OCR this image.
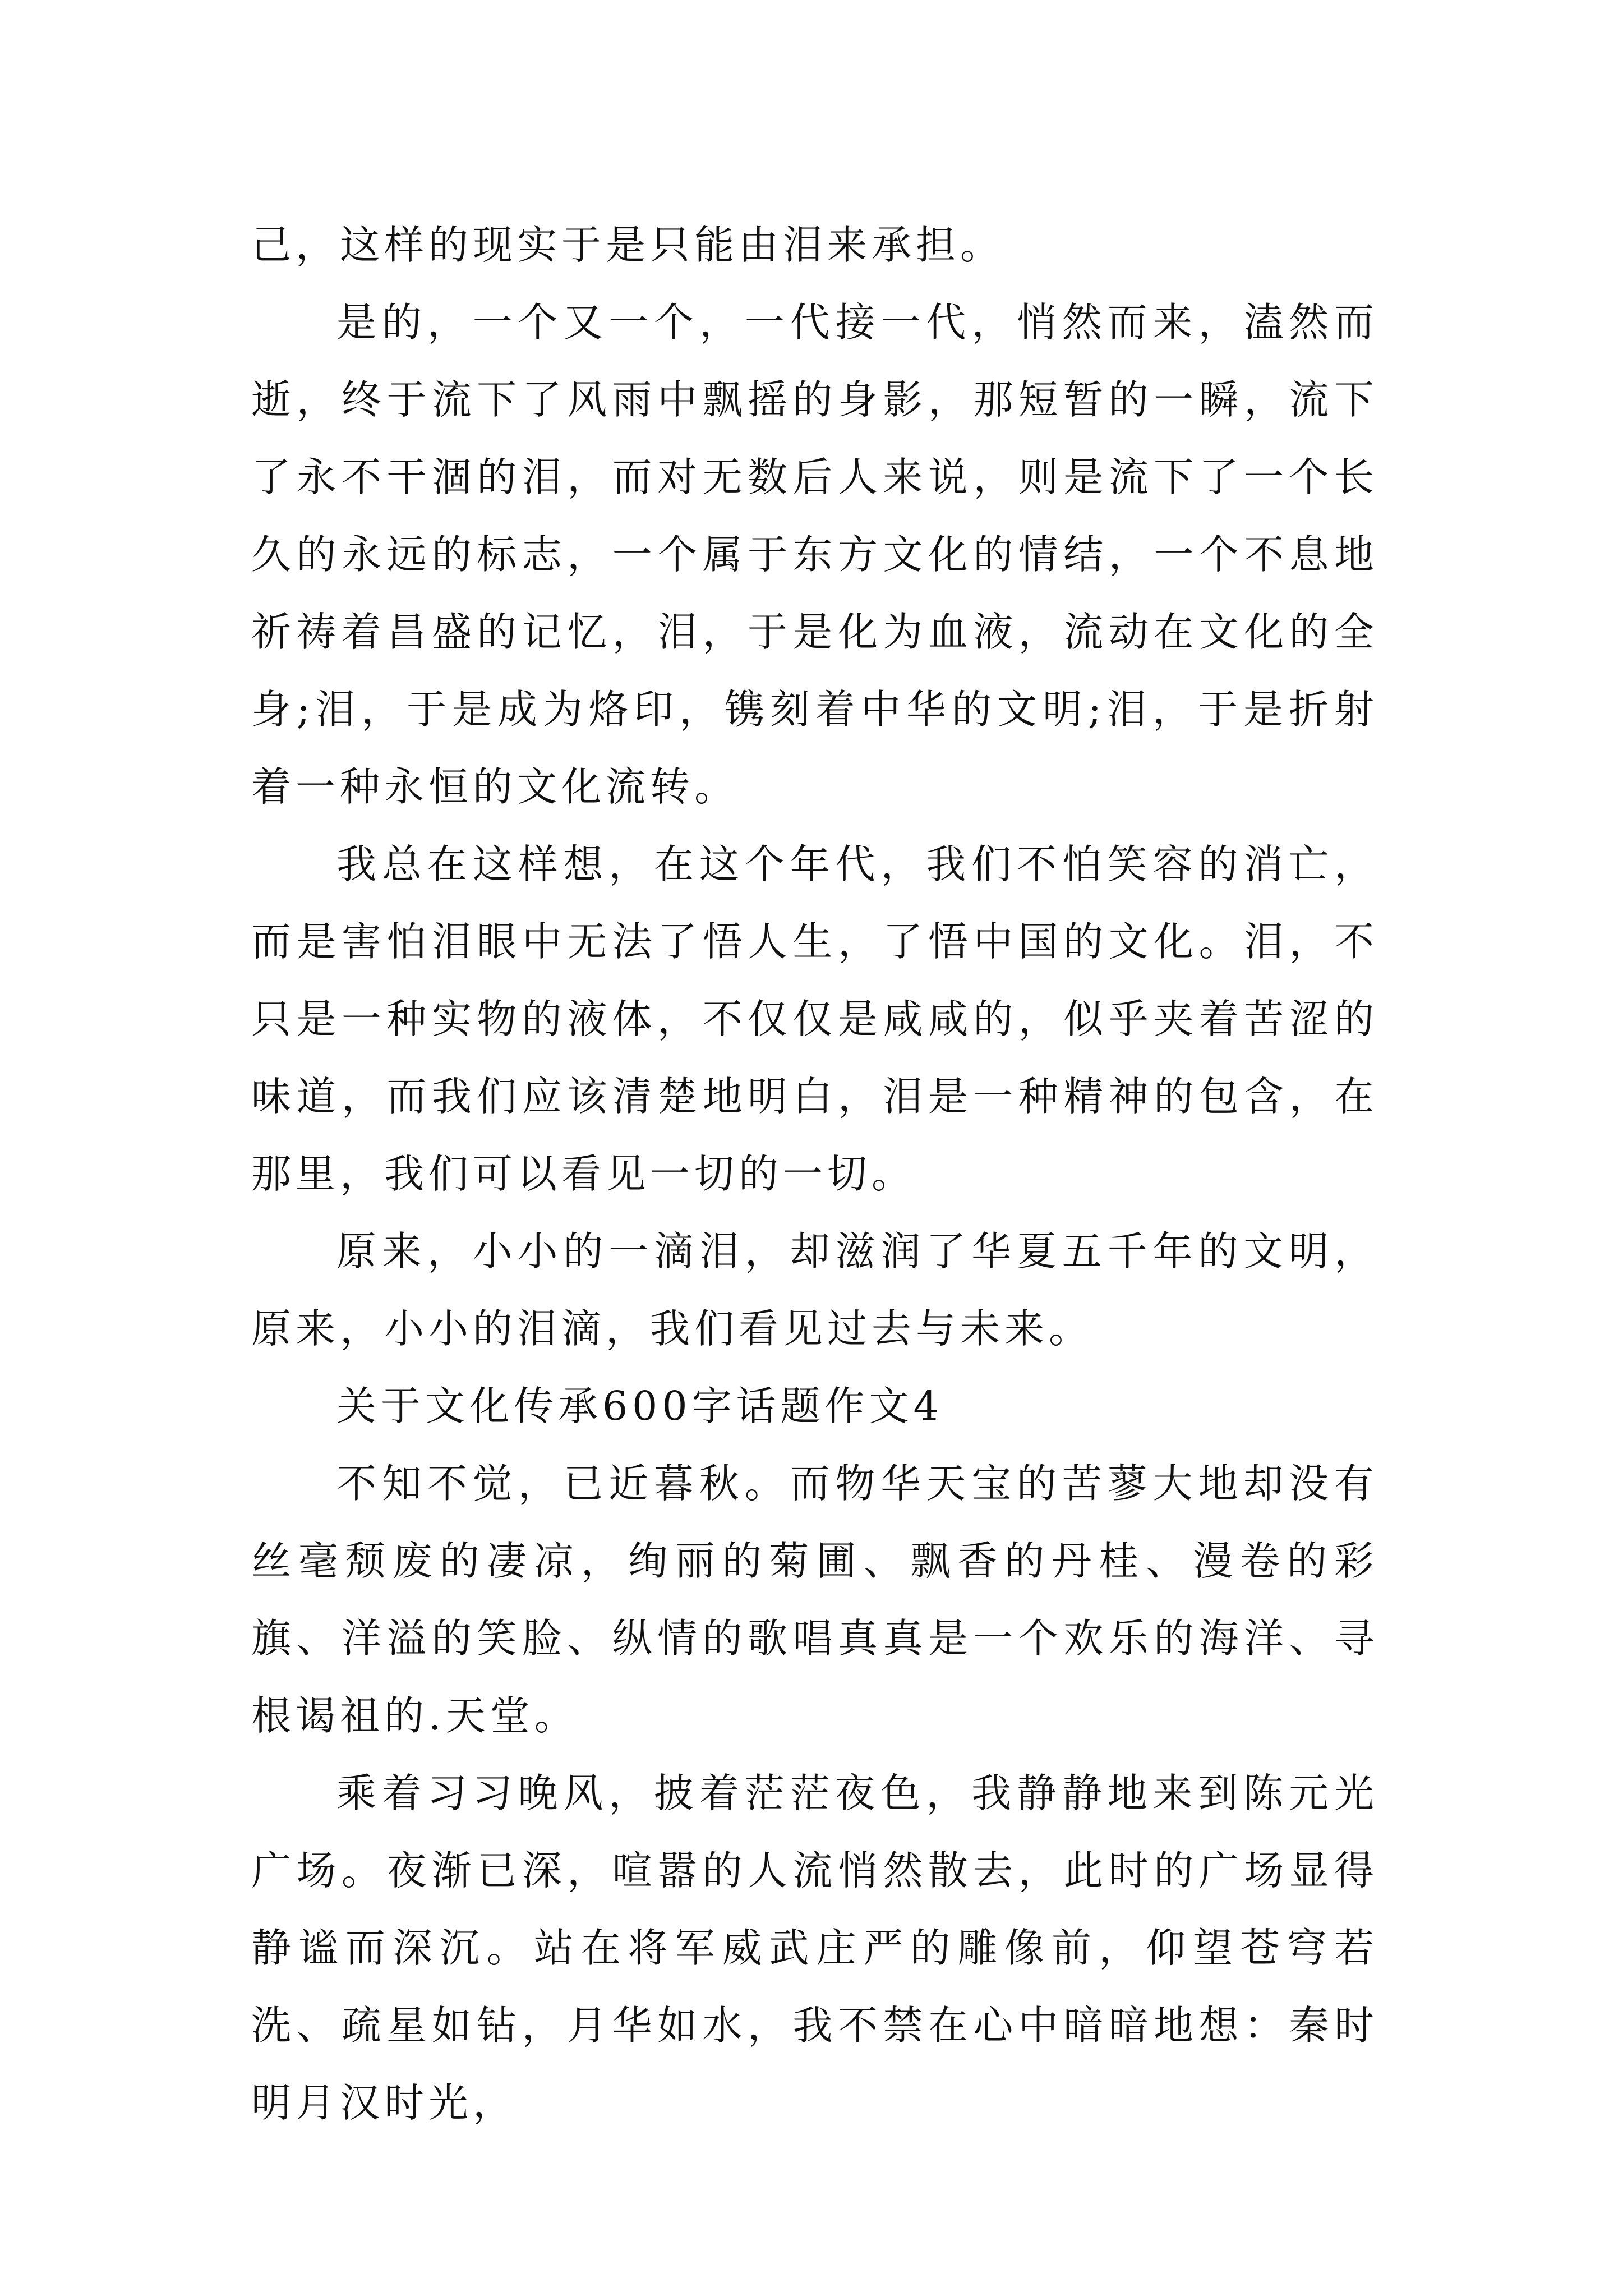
己，这样的现实于是只能由泪来承担。

是的，一个又一个，一代接一代，悄然而来，溘然而逝，终于流下了风雨中飘摇的身影，那短暂的一瞬，流下了永不干涸的泪，而对无数后人来说，则是流下了一个长久的永远的标志，一个属于东方文化的情结，一个不息地祈祷着昌盛的记忆，泪，于是化为血液，流动在文化的全身;泪，于是成为烙印，镌刻着中华的文明;泪，于是折射着一种永恒的文化流转。

我总在这样想，在这个年代，我们不怕笑容的消亡，而是害怕泪眼中无法了悟人生，了悟中国的文化。泪，不只是一种实物的液体，不仅仅是咸咸的，似乎夹着苦涩的味道，而我们应该清楚地明白，泪是一种精神的包含，在那里，我们可以看见一切的一切。

原来，小小的一滴泪，却滋润了华夏五千年的文明，原来，小小的泪滴，我们看见过去与未来。

关于文化传承600字话题作文4

不知不觉，已近暮秋。而物华天宝的苦蓼大地却没有丝毫颓废的凄凉，绚丽的菊圃、飘香的丹桂、漫卷的彩旗、洋溢的笑脸、纵情的歌唱真真是一个欢乐的海洋、寻根谒祖的.天堂。

乘着习习晚风，披着茫茫夜色，我静静地来到陈元光广场。夜渐已深，喧嚣的人流悄然散去，此时的广场显得静谧而深沉。站在将军威武庄严的雕像前，仰望苍穹若洗、疏星如钻，月华如水，我不禁在心中暗暗地想：秦时明月汉时光，
